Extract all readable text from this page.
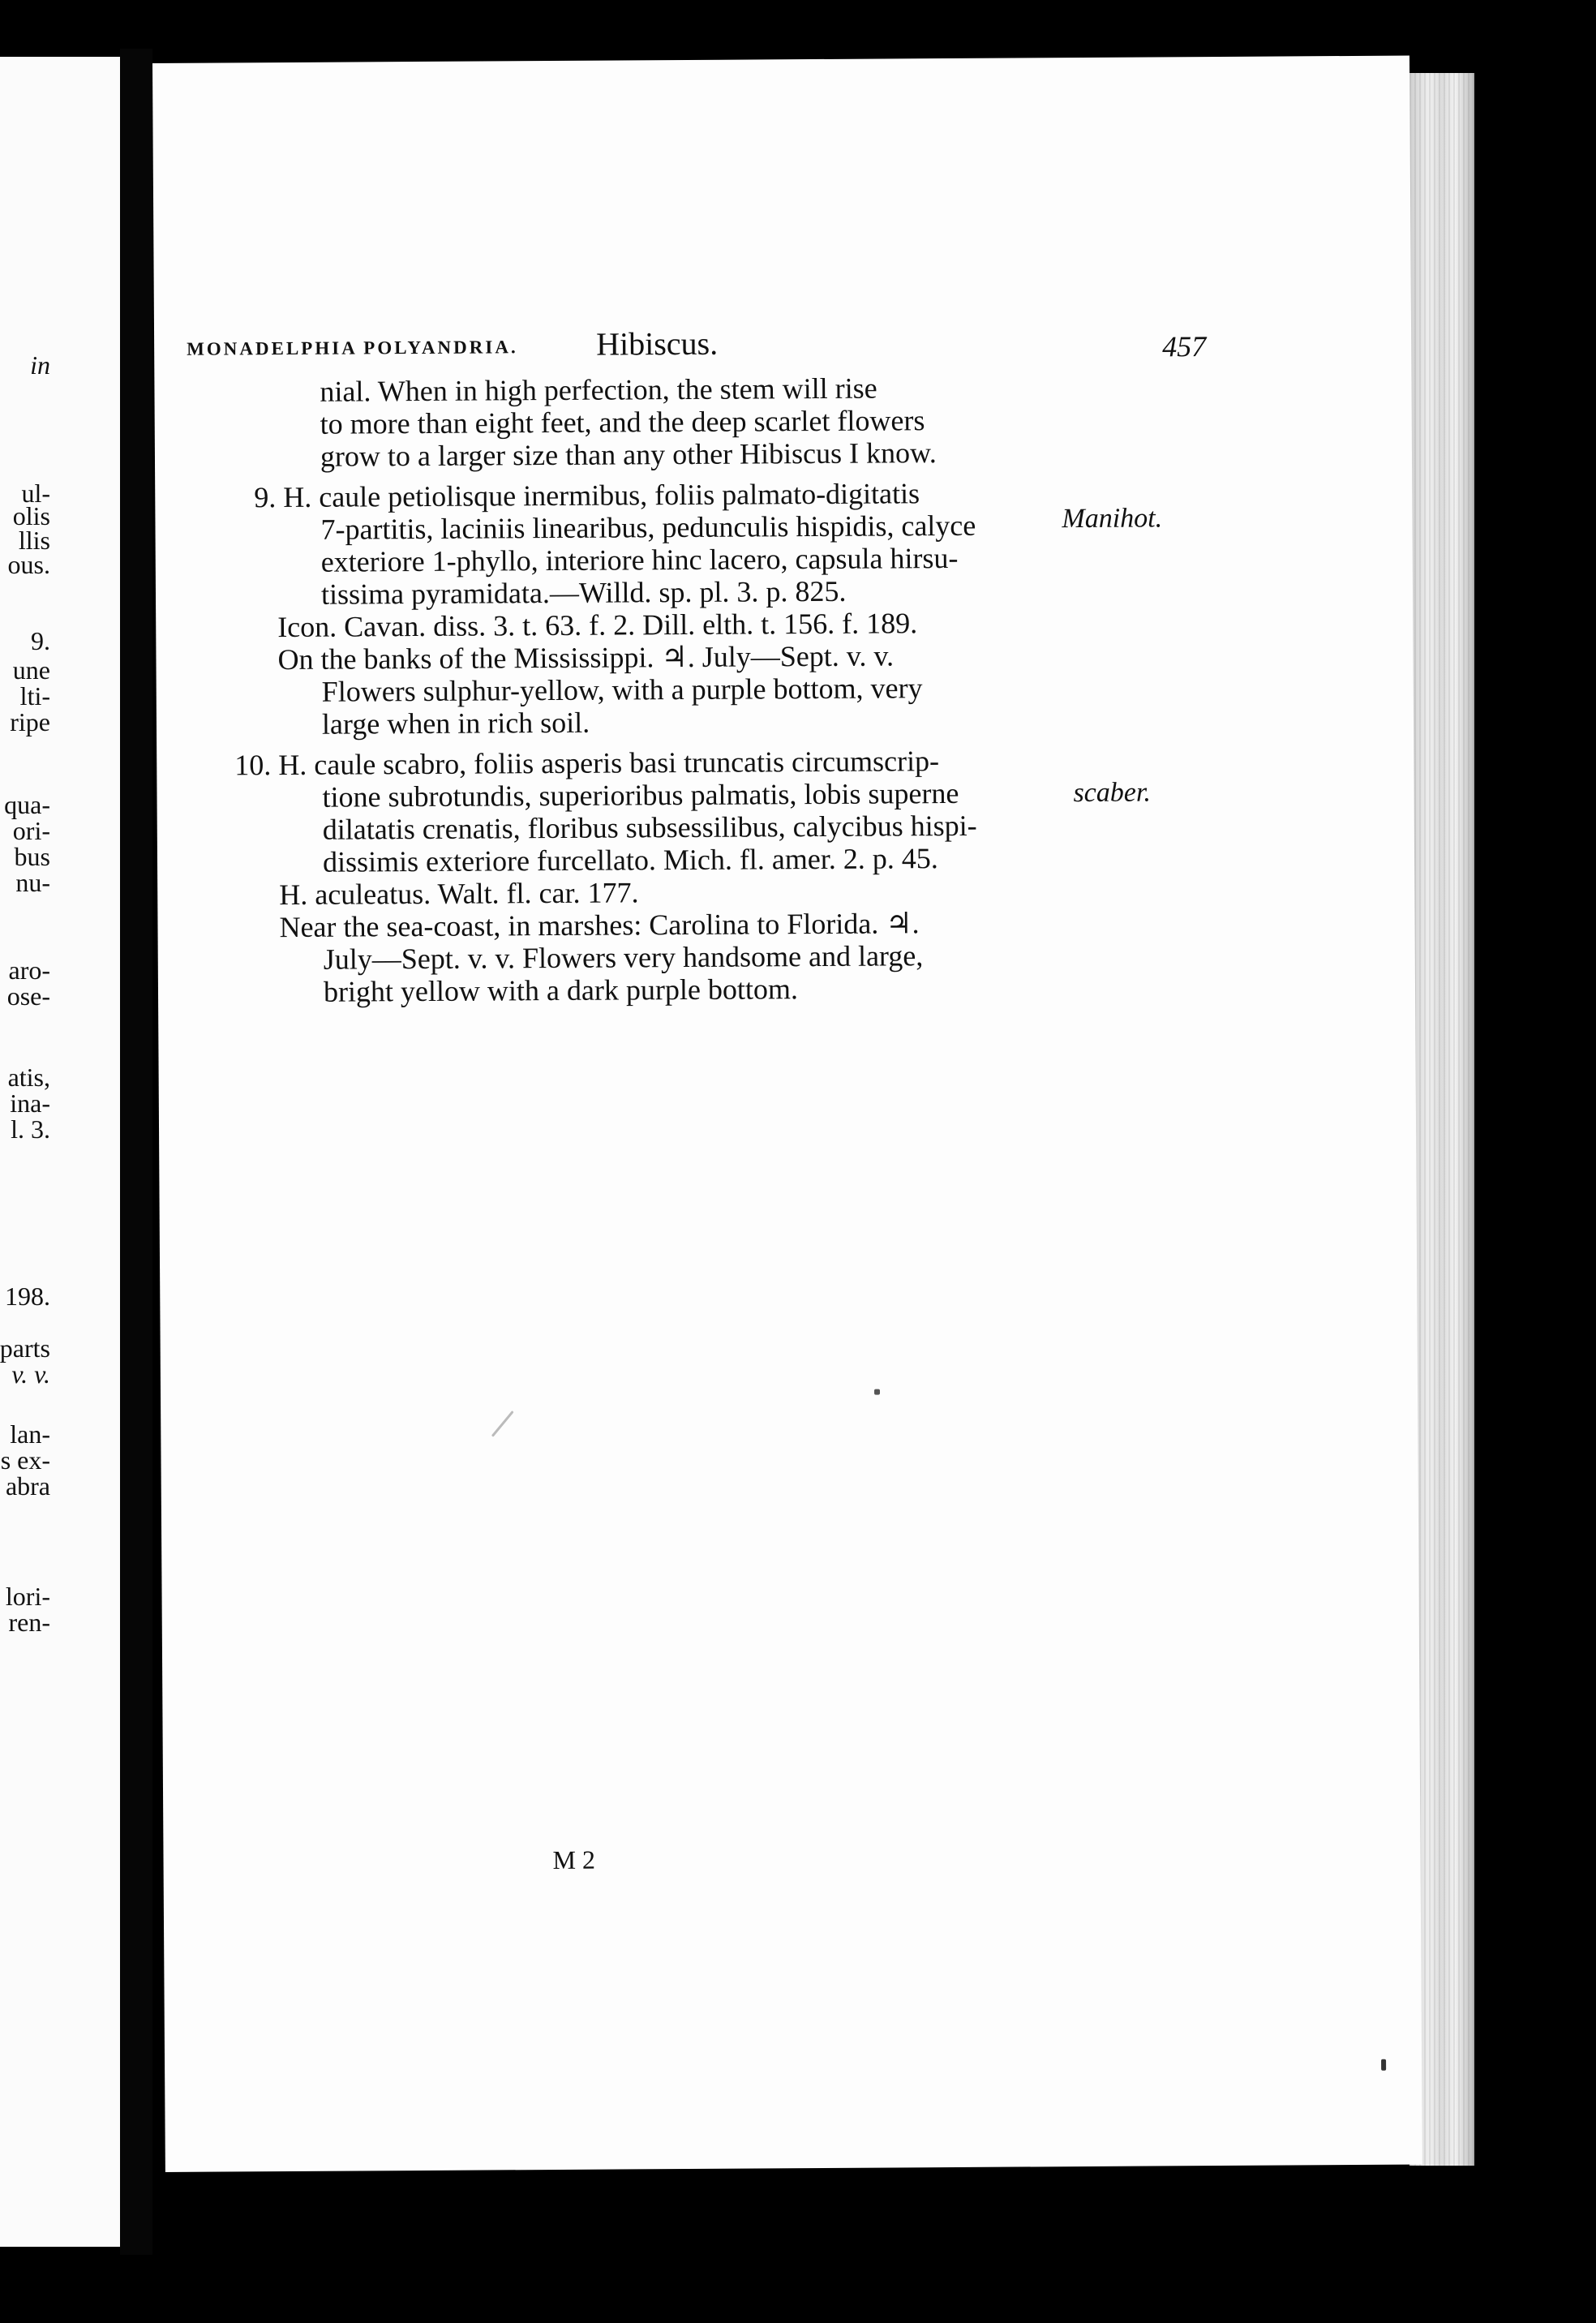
in
ul-
olis
llis
ous.
9.
une
lti-
ripe
qua-
ori-
bus
nu-
aro-
ose-
atis,
ina-
l. 3.
198.
parts
v. v.
lan-
s ex-
abra
lori-
ren-
MONADELPHIA POLYANDRIA. Hibiscus.	457
nial. When in high perfection, the stem will rise
to more than eight feet, and the deep scarlet flowers
grow to a larger size than any other Hibiscus I know.
9. H. caule petiolisque inermibus, foliis palmato-digitatis
7-partitis, laciniis linearibus, pedunculis hispidis, calyce
exteriore 1-phyllo, interiore hinc lacero, capsula hirsu-
tissima pyramidata.—Willd. sp. pl. 3. p. 825.
Icon. Cavan. diss. 3. t. 63. f. 2. Dill. elth. t. 156. f. 189.
On the banks of the Mississippi. ♃. July—Sept. v. v.
Flowers sulphur-yellow, with a purple bottom, very
large when in rich soil.
Manihot.
10. H. caule scabro, foliis asperis basi truncatis circumscrip-
tione subrotundis, superioribus palmatis, lobis superne
dilatatis crenatis, floribus subsessilibus, calycibus hispi-
dissimis exteriore furcellato. Mich. fl. amer. 2. p. 45.
H. aculeatus. Walt. fl. car. 177.
Near the sea-coast, in marshes: Carolina to Florida. ♃.
July—Sept. v. v. Flowers very handsome and large,
bright yellow with a dark purple bottom.
scaber.
M 2
